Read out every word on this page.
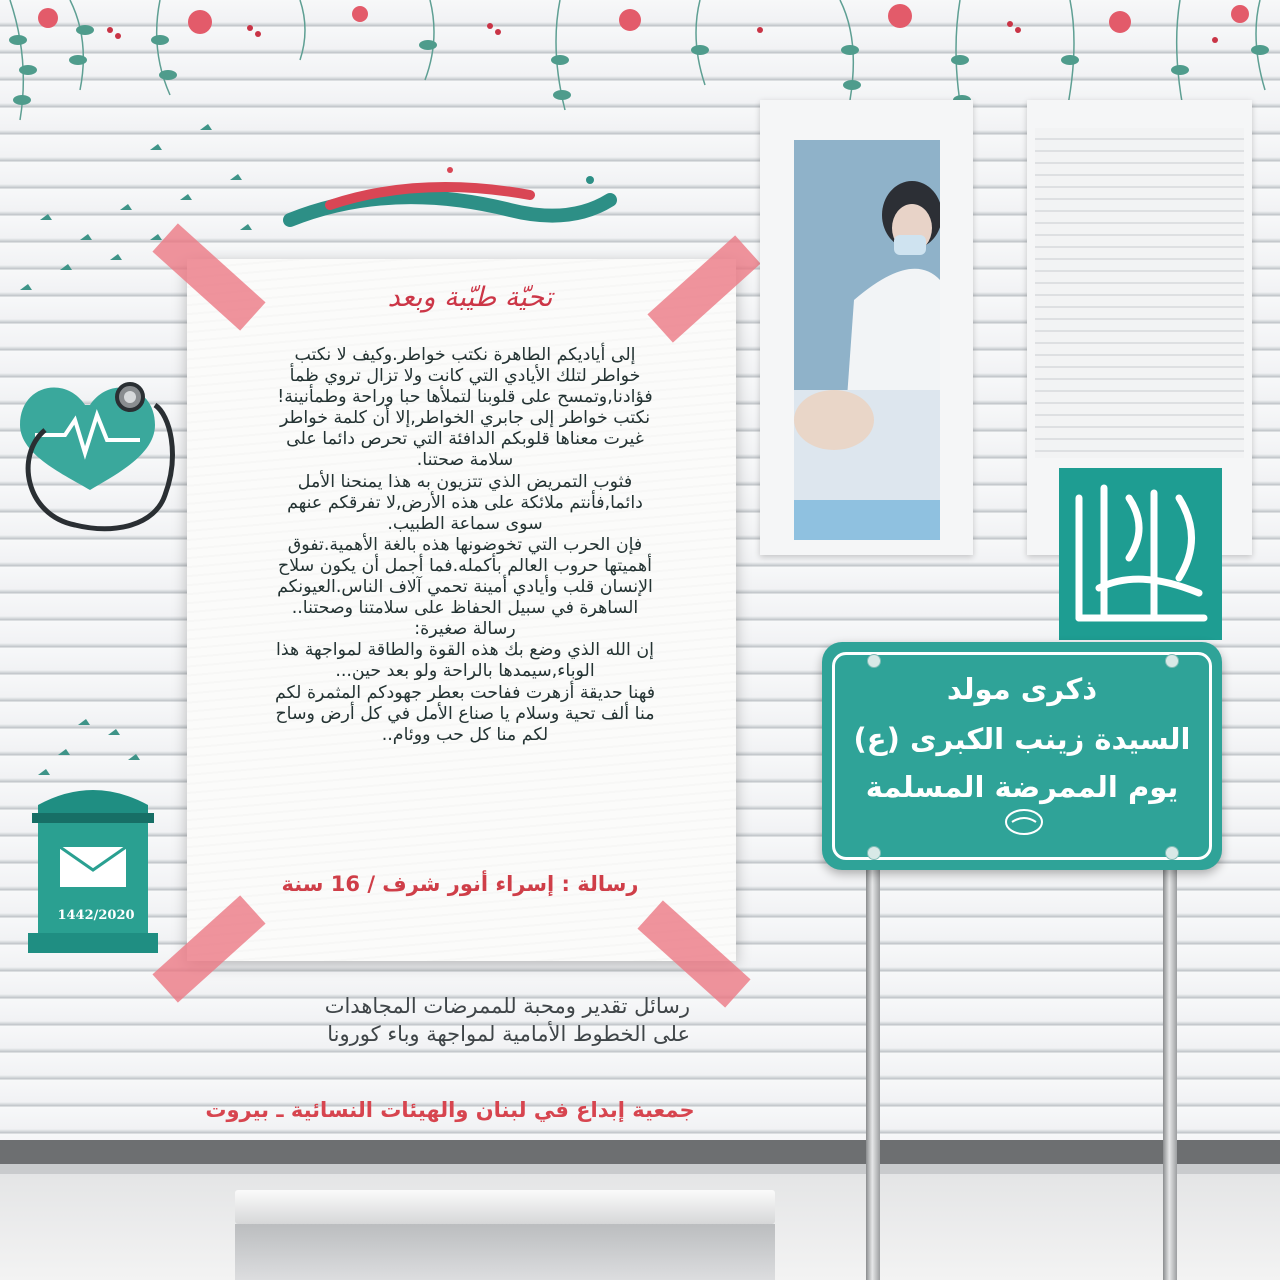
زينبيات على خط القلب
1442/2020
تحيّة طيّبة وبعد

إلى أياديكم الطاهرة نكتب خواطر.وكيف لا نكتب
خواطر لتلك الأيادي التي كانت ولا تزال تروي ظمأ
فؤادنا,وتمسح على قلوبنا لتملأها حبا وراحة وطمأنينة!
نكتب خواطر إلى جابري الخواطر,إلا أن كلمة خواطر
غيرت معناها قلوبكم الدافئة التي تحرص دائما على
سلامة صحتنا.

فثوب التمريض الذي تتزيون به هذا يمنحنا الأمل
دائما,فأنتم ملائكة على هذه الأرض,لا تفرقكم عنهم
سوى سماعة الطبيب.

فإن الحرب التي تخوضونها هذه بالغة الأهمية.تفوق
أهميتها حروب العالم بأكمله.فما أجمل أن يكون سلاح
الإنسان قلب وأيادي أمينة تحمي آلاف الناس.العيونكم
الساهرة في سبيل الحفاظ على سلامتنا وصحتنا..

رسالة صغيرة:
إن الله الذي وضع بك هذه القوة والطاقة لمواجهة هذا
الوباء,سيمدها بالراحة ولو بعد حين...
فهنا حديقة أزهرت ففاحت بعطر جهودكم المثمرة لكم
منا ألف تحية وسلام يا صناع الأمل في كل أرض وساح
لكم منا كل حب ووئام..

رسالة : إسراء أنور شرف / 16 سنة

رسائل تقدير ومحبة للممرضات المجاهدات

على الخطوط الأمامية لمواجهة وباء كورونا

جمعية إبداع في لبنان والهيئات النسائية ـ بيروت
ذكرى مولد
السيدة زينب الكبرى (ع)
يوم الممرضة المسلمة
